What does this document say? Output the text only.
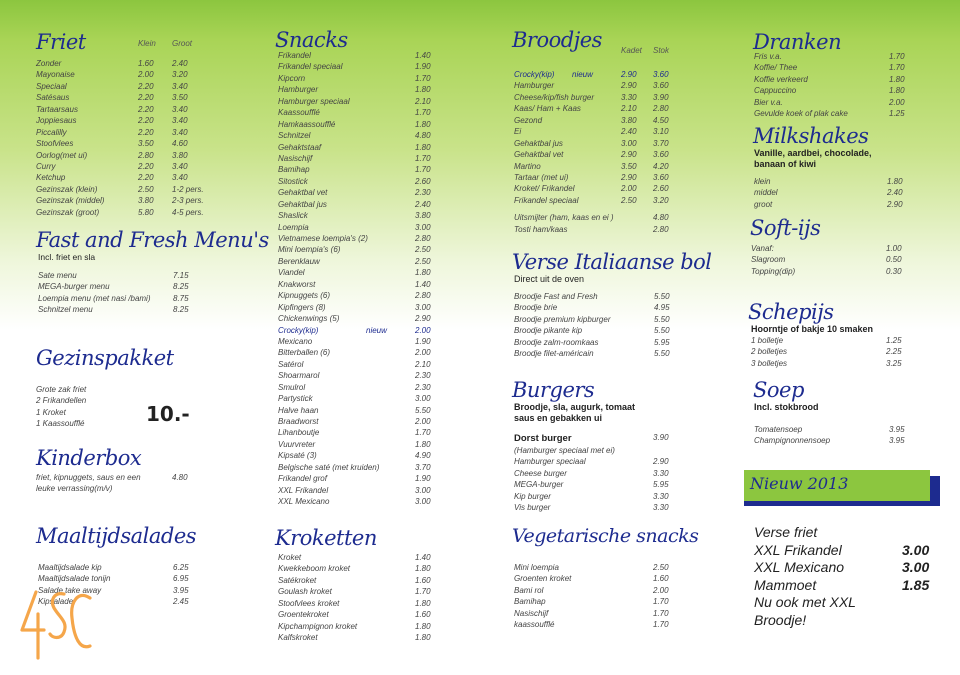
Friet	Klein Groot
Zonder	1.60 2.40
Mayonaise	2.00 3.20
Speciaal	2.20 3.40
Satésaus	2.20 3.50
Tartaarsaus	2.20 3.40
Joppiesaus	2.20 3.40
Piccalilly	2.20 3.40
Stoofvlees	3.50 4.60
Oorlog(met ui)	2.80 3.80
Curry	2.20 3.40
Ketchup	2.20 3.40
Gezinszak (klein)	2.50 1-2 pers.
Gezinszak (middel)	3.80 2-3 pers.
Gezinszak (groot)	5.80 4-5 pers.
Fast and Fresh Menu's
Incl. friet en sla
Sate menu	7.15
MEGA-burger menu	8.25
Loempia menu (met nasi /bami)	8.75
Schnitzel menu	8.25
Gezinspakket
Grote zak friet
2 Frikandellen
1 Kroket
1 Kaassoufflé	10.-
Kinderbox
friet, kipnuggets, saus en een	4.80
leuke verrassing(m/v)
Maaltijdsalades
Maaltijdsalade kip	6.25
Maaltijdsalade tonijn	6.95
Salade take away	3.95
Kipsalade	2.45
Snacks
Frikandel	1.40
Frikandel speciaal	1.90
Kipcorn	1.70
Hamburger	1.80
Hamburger speciaal	2.10
Kaassoufflé	1.70
Hamkaassoufflé	1.80
Schnitzel	4.80
Gehaktstaaf	1.80
Nasischijf	1.70
Bamihap	1.70
Sitostick	2.60
Gehaktbal vet	2.30
Gehaktbal jus	2.40
Shaslick	3.80
Loempia	3.00
Vietnamese loempia's (2)	2.80
Mini loempia's (6)	2.50
Berenklauw	2.50
Viandel	1.80
Knakworst	1.40
Kipnuggets (6)	2.80
Kipfingers (8)	3.00
Chickenwings (5)	2.90
Crocky(kip)	2.00
nieuw
Mexicano	1.90
Bitterballen (6)	2.00
Satérol	2.10
Shoarmarol	2.30
Smulrol	2.30
Partystick	3.00
Halve haan	5.50
Braadworst	2.00
Lihanboutje	1.70
Vuurvreter	1.80
Kipsaté (3)	4.90
Belgische saté (met kruiden)	3.70
Frikandel grof	1.90
XXL Frikandel	3.00
XXL Mexicano	3.00
Kroketten
Kroket	1.40
Kwekkeboom kroket	1.80
Satékroket	1.60
Goulash kroket	1.70
Stoofvlees kroket	1.80
Groentekroket	1.60
Kipchampignon kroket	1.80
Kalfskroket	1.80
Broodjes	Kadet Stok
Crocky(kip)	2.90 3.60
nieuw
Hamburger	2.90 3.60
Cheese/kip/fish burger	3.30 3.90
Kaas/ Ham + Kaas	2.10 2.80
Gezond	3.80 4.50
Ei	2.40 3.10
Gehaktbal jus	3.00 3.70
Gehaktbal vet	2.90 3.60
Martino	3.50 4.20
Tartaar (met ui)	2.90 3.60
Kroket/ Frikandel	2.00 2.60
Frikandel speciaal	2.50 3.20
Uitsmijter (ham, kaas en ei )	4.80
Tosti ham/kaas	2.80
Verse Italiaanse bol
Direct uit de oven
Broodje Fast and Fresh	5.50
Broodje brie	4.95
Broodje premium kipburger	5.50
Broodje pikante kip	5.50
Broodje zalm-roomkaas	5.95
Broodje filet-américain	5.50
Burgers
Broodje, sla, augurk, tomaat
saus en gebakken ui
Dorst burger	3.90
(Hamburger speciaal met ei)
Hamburger speciaal	2.90
Cheese burger	3.30
MEGA-burger	5.95
Kip burger	3.30
Vis burger	3.30
Vegetarische snacks
Mini loempia	2.50
Groenten kroket	1.60
Bami rol	2.00
Bamihap	1.70
Nasischijf	1.70
kaassoufflé	1.70
Dranken
Fris v.a.	1.70
Koffie/ Thee	1.70
Koffie verkeerd	1.80
Cappuccino	1.80
Bier v.a.	2.00
Gevulde koek of plak cake	1.25
Milkshakes
Vanille, aardbei, chocolade,
banaan of kiwi
klein	1.80
middel	2.40
groot	2.90
Soft-ijs
Vanaf:	1.00
Slagroom	0.50
Topping(dip)	0.30
Schepijs
Hoorntje of bakje 10 smaken
1 bolletje	1.25
2 bolletjes	2.25
3 bolletjes	3.25
Soep
Incl. stokbrood
Tomatensoep	3.95
Champignonnensoep	3.95
Nieuw 2013
Verse friet
XXL Frikandel	3.00
XXL Mexicano	3.00
Mammoet	1.85
Nu ook met XXL
Broodje!
